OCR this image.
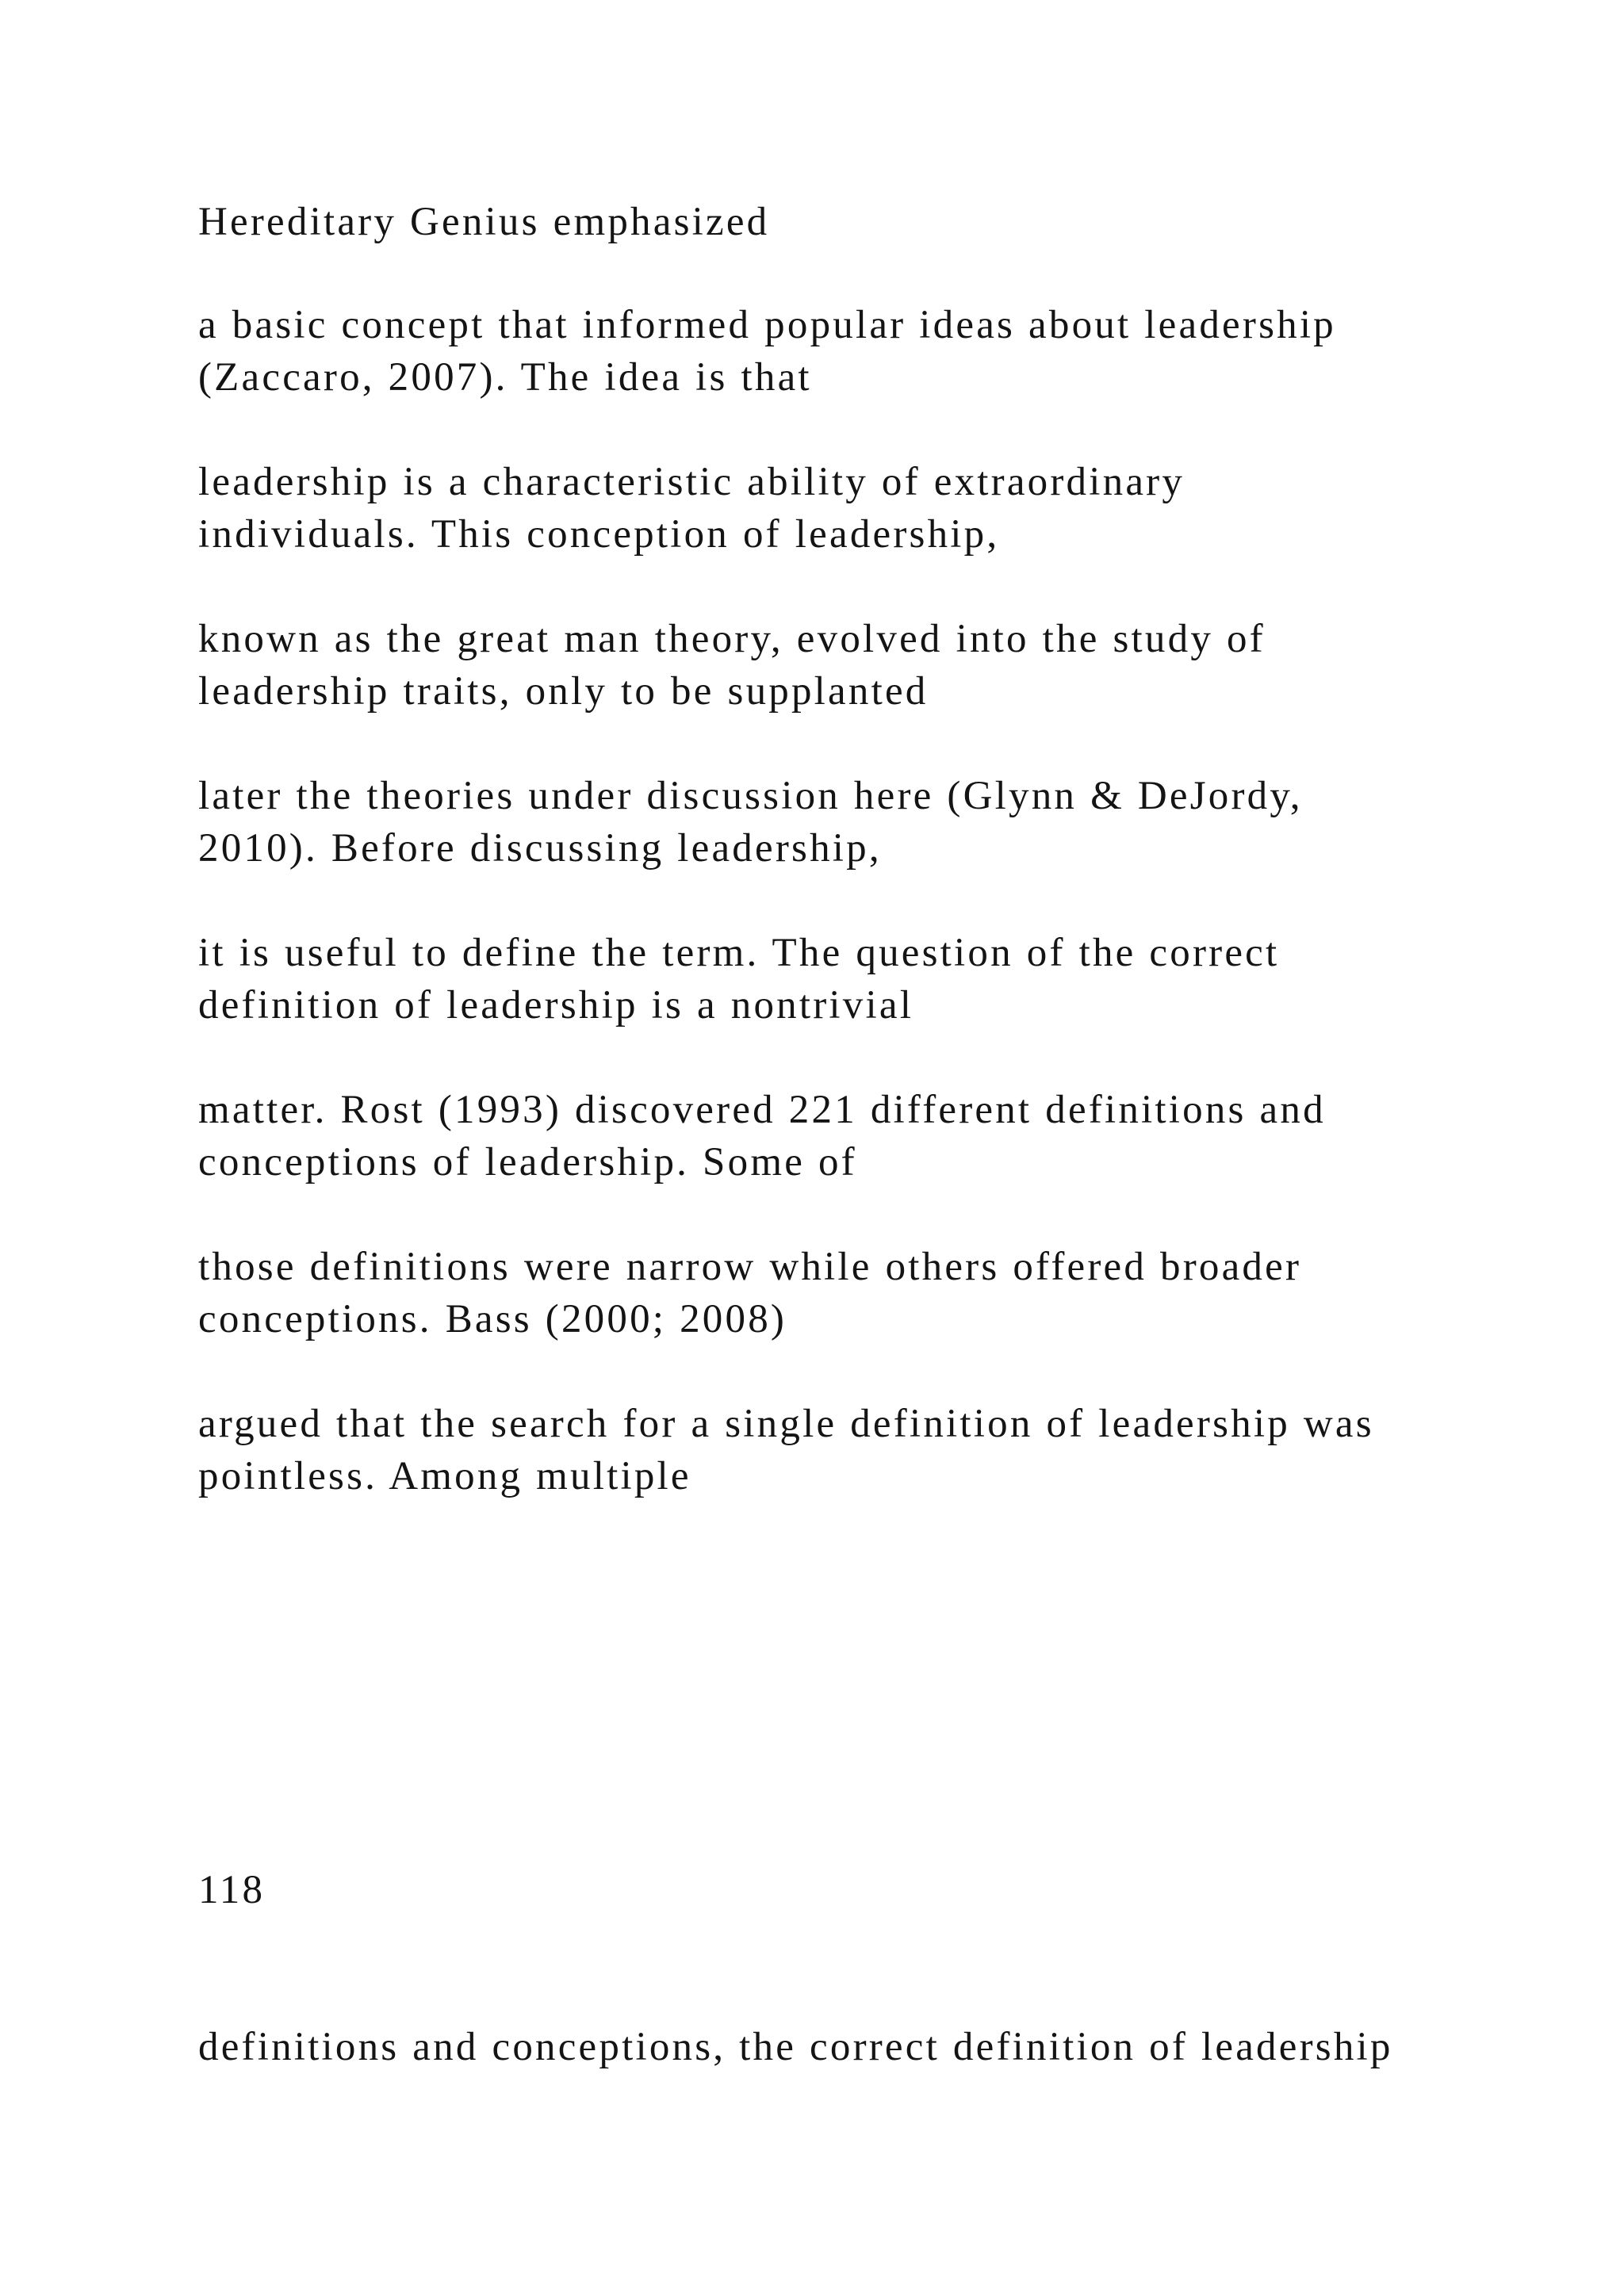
Hereditary Genius emphasized
a basic concept that informed popular ideas about leadership
(Zaccaro, 2007). The idea is that
leadership is a characteristic ability of extraordinary
individuals. This conception of leadership,
known as the great man theory, evolved into the study of
leadership traits, only to be supplanted
later the theories under discussion here (Glynn & DeJordy,
2010). Before discussing leadership,
it is useful to define the term. The question of the correct
definition of leadership is a nontrivial
matter. Rost (1993) discovered 221 different definitions and
conceptions of leadership. Some of
those definitions were narrow while others offered broader
conceptions. Bass (2000; 2008)
argued that the search for a single definition of leadership was
pointless. Among multiple
118
definitions and conceptions, the correct definition of leadership
